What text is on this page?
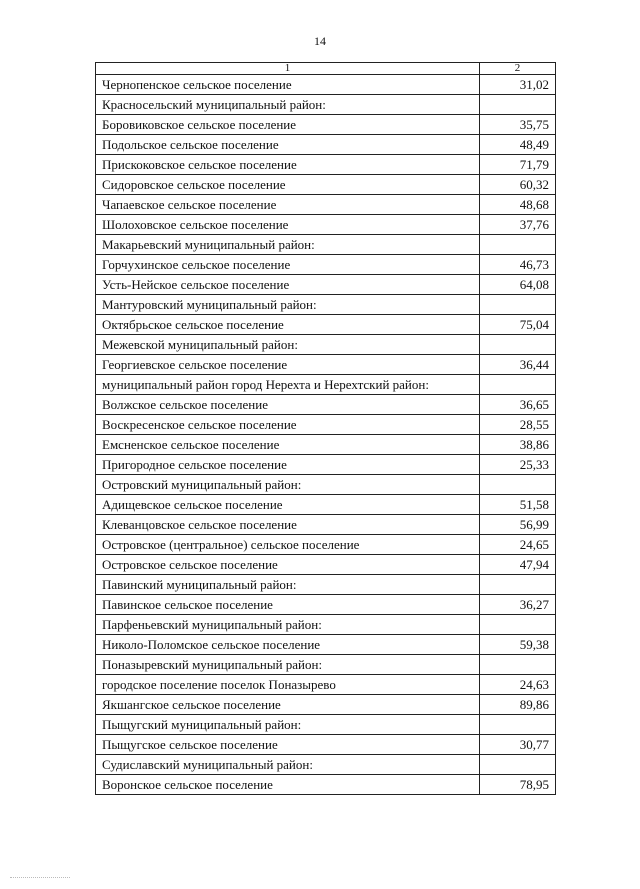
14
1	2
Чернопенское сельское поселение	31,02
Красносельский муниципальный район:	
Боровиковское сельское поселение	35,75
Подольское сельское поселение	48,49
Прискоковское сельское поселение	71,79
Сидоровское сельское поселение	60,32
Чапаевское сельское поселение	48,68
Шолоховское сельское поселение	37,76
Макарьевский муниципальный район:	
Горчухинское сельское поселение	46,73
Усть-Нейское сельское поселение	64,08
Мантуровский муниципальный район:	
Октябрьское сельское поселение	75,04
Межевской муниципальный район:	
Георгиевское сельское поселение	36,44
муниципальный район город Нерехта и Нерехтский район:	
Волжское сельское поселение	36,65
Воскресенское сельское поселение	28,55
Емсненское сельское поселение	38,86
Пригородное сельское поселение	25,33
Островский муниципальный район:	
Адищевское сельское поселение	51,58
Клеванцовское сельское поселение	56,99
Островское (центральное) сельское поселение	24,65
Островское сельское поселение	47,94
Павинский муниципальный район:	
Павинское сельское поселение	36,27
Парфеньевский муниципальный район:	
Николо-Поломское сельское поселение	59,38
Поназыревский муниципальный район:	
городское поселение поселок Поназырево	24,63
Якшангское сельское поселение	89,86
Пыщугский муниципальный район:	
Пыщугское сельское поселение	30,77
Судиславский муниципальный район:	
Воронское сельское поселение	78,95
